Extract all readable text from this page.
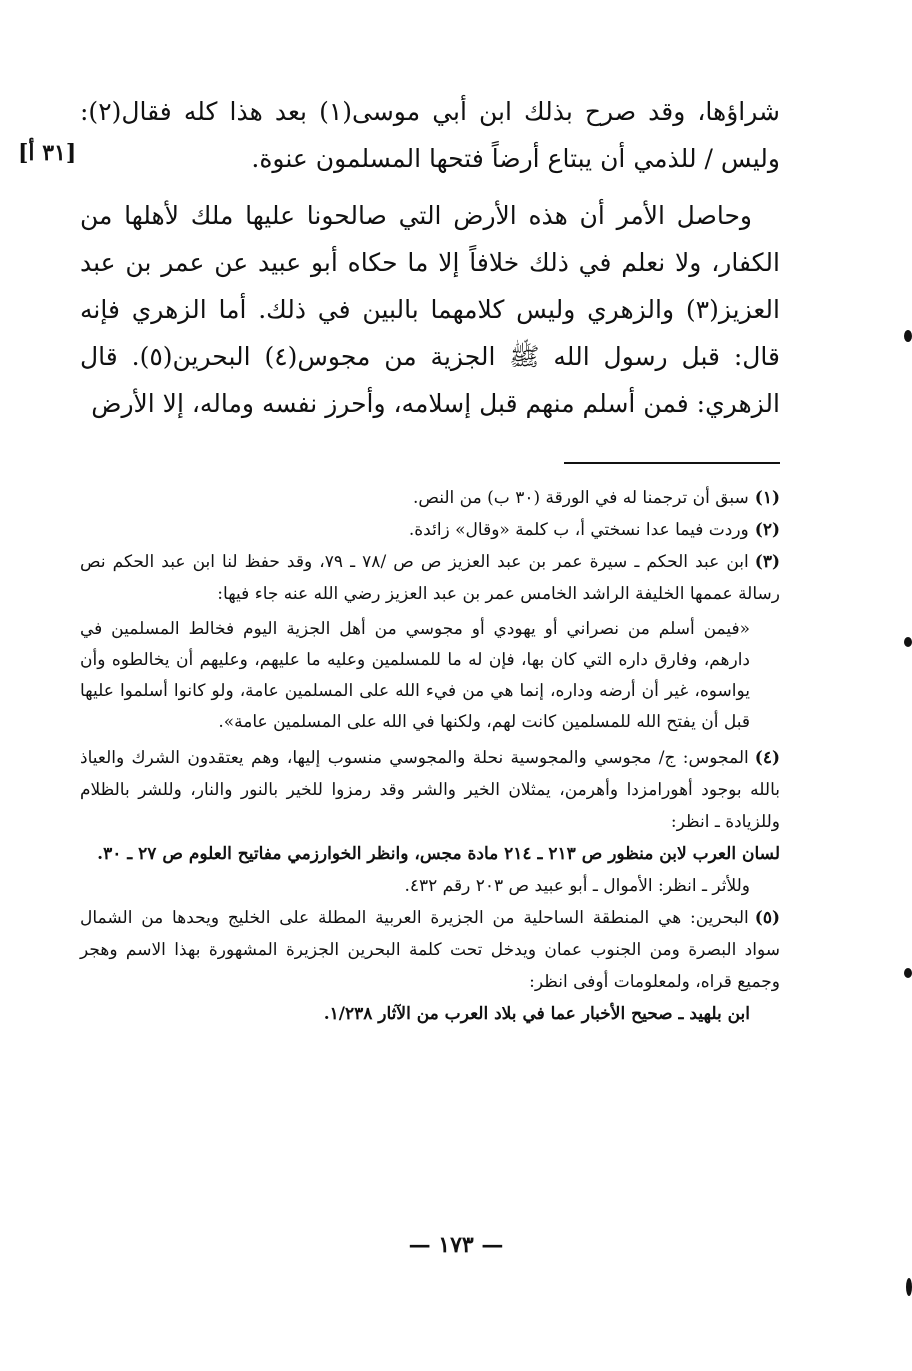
[٣١ أ]

شراؤها، وقد صرح بذلك ابن أبي موسى(١) بعد هذا كله فقال(٢): وليس / للذمي أن يبتاع أرضاً فتحها المسلمون عنوة.

وحاصل الأمر أن هذه الأرض التي صالحونا عليها ملك لأهلها من الكفار، ولا نعلم في ذلك خلافاً إلا ما حكاه أبو عبيد عن عمر بن عبد العزيز(٣) والزهري وليس كلامهما بالبين في ذلك. أما الزهري فإنه قال: قبل رسول الله ﷺ الجزية من مجوس(٤) البحرين(٥). قال الزهري: فمن أسلم منهم قبل إسلامه، وأحرز نفسه وماله، إلا الأرض

(١)سبق أن ترجمنا له في الورقة (٣٠ ب) من النص.

(٢)وردت فيما عدا نسختي أ، ب كلمة «وقال» زائدة.

(٣)ابن عبد الحكم ـ سيرة عمر بن عبد العزيز ص ص /٧٨ ـ ٧٩، وقد حفظ لنا ابن عبد الحكم نص رسالة عممها الخليفة الراشد الخامس عمر بن عبد العزيز رضي الله عنه جاء فيها:

«فيمن أسلم من نصراني أو يهودي أو مجوسي من أهل الجزية اليوم فخالط المسلمين في دارهم، وفارق داره التي كان بها، فإن له ما للمسلمين وعليه ما عليهم، وعليهم أن يخالطوه وأن يواسوه، غير أن أرضه وداره، إنما هي من فيء الله على المسلمين عامة، ولو كانوا أسلموا عليها قبل أن يفتح الله للمسلمين كانت لهم، ولكنها في الله على المسلمين عامة».

(٤)المجوس: ج/ مجوسي والمجوسية نحلة والمجوسي منسوب إليها، وهم يعتقدون الشرك والعياذ بالله بوجود أهورامزدا وأهرمن، يمثلان الخير والشر وقد رمزوا للخير بالنور والنار، وللشر بالظلام وللزيادة ـ انظر:

لسان العرب لابن منظور ص ٢١٣ ـ ٢١٤ مادة مجس، وانظر الخوارزمي مفاتيح العلوم ص ٢٧ ـ ٣٠.

وللأثر ـ انظر: الأموال ـ أبو عبيد ص ٢٠٣ رقم ٤٣٢.

(٥)البحرين: هي المنطقة الساحلية من الجزيرة العربية المطلة على الخليج ويحدها من الشمال سواد البصرة ومن الجنوب عمان ويدخل تحت كلمة البحرين الجزيرة المشهورة بهذا الاسم وهجر وجميع قراه، ولمعلومات أوفى انظر:

ابن بلهيد ـ صحيح الأخبار عما في بلاد العرب من الآثار ١/٢٣٨.

— ١٧٣ —
